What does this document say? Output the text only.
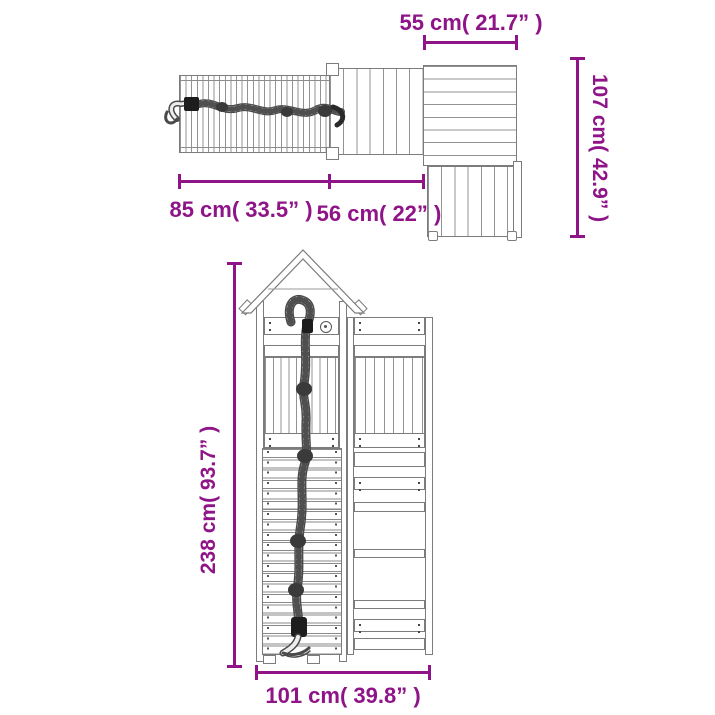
55 cm( 21.7” )
107 cm( 42.9” )
85 cm( 33.5” ) 56 cm( 22” )
238 cm( 93.7” )
101 cm( 39.8” )
